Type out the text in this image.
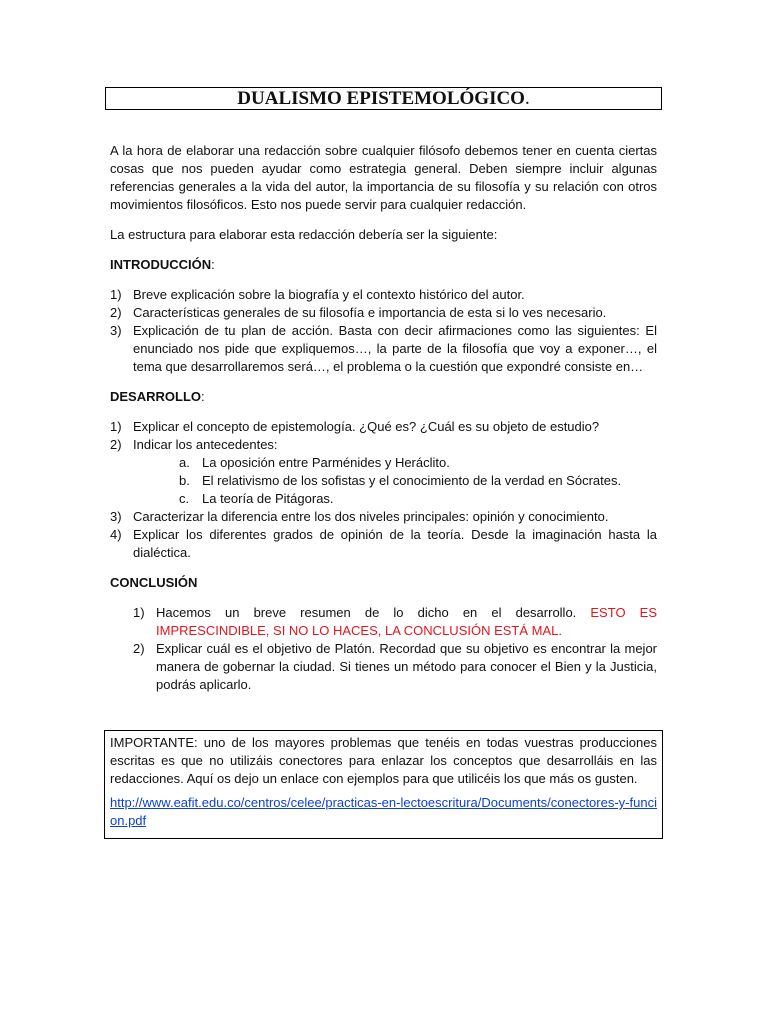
DUALISMO EPISTEMOLÓGICO.

A la hora de elaborar una redacción sobre cualquier filósofo debemos tener en cuenta ciertas cosas que nos pueden ayudar como estrategia general. Deben siempre incluir algunas referencias generales a la vida del autor, la importancia de su filosofía y su relación con otros movimientos filosóficos. Esto nos puede servir para cualquier redacción.

La estructura para elaborar esta redacción debería ser la siguiente:

INTRODUCCIÓN:
1) Breve explicación sobre la biografía y el contexto histórico del autor.
2) Características generales de su filosofía e importancia de esta si lo ves necesario.
3) Explicación de tu plan de acción. Basta con decir afirmaciones como las siguientes: El enunciado nos pide que expliquemos…, la parte de la filosofía que voy a exponer…, el tema que desarrollaremos será…, el problema o la cuestión que expondré consiste en…
DESARROLLO:
1) Explicar el concepto de epistemología. ¿Qué es? ¿Cuál es su objeto de estudio?
2) Indicar los antecedentes:
a. La oposición entre Parménides y Heráclito.
b. El relativismo de los sofistas y el conocimiento de la verdad en Sócrates.
c. La teoría de Pitágoras.
3) Caracterizar la diferencia entre los dos niveles principales: opinión y conocimiento.
4) Explicar los diferentes grados de opinión de la teoría. Desde la imaginación hasta la dialéctica.
CONCLUSIÓN
1) Hacemos un breve resumen de lo dicho en el desarrollo. ESTO ES IMPRESCINDIBLE, SI NO LO HACES, LA CONCLUSIÓN ESTÁ MAL.
2) Explicar cuál es el objetivo de Platón. Recordad que su objetivo es encontrar la mejor manera de gobernar la ciudad. Si tienes un método para conocer el Bien y la Justicia, podrás aplicarlo.

IMPORTANTE: uno de los mayores problemas que tenéis en todas vuestras producciones escritas es que no utilizáis conectores para enlazar los conceptos que desarrolláis en las redacciones. Aquí os dejo un enlace con ejemplos para que utilicéis los que más os gusten.

http://www.eafit.edu.co/centros/celee/practicas-en-lectoescritura/Documents/conectores-y-funcion.pdf
